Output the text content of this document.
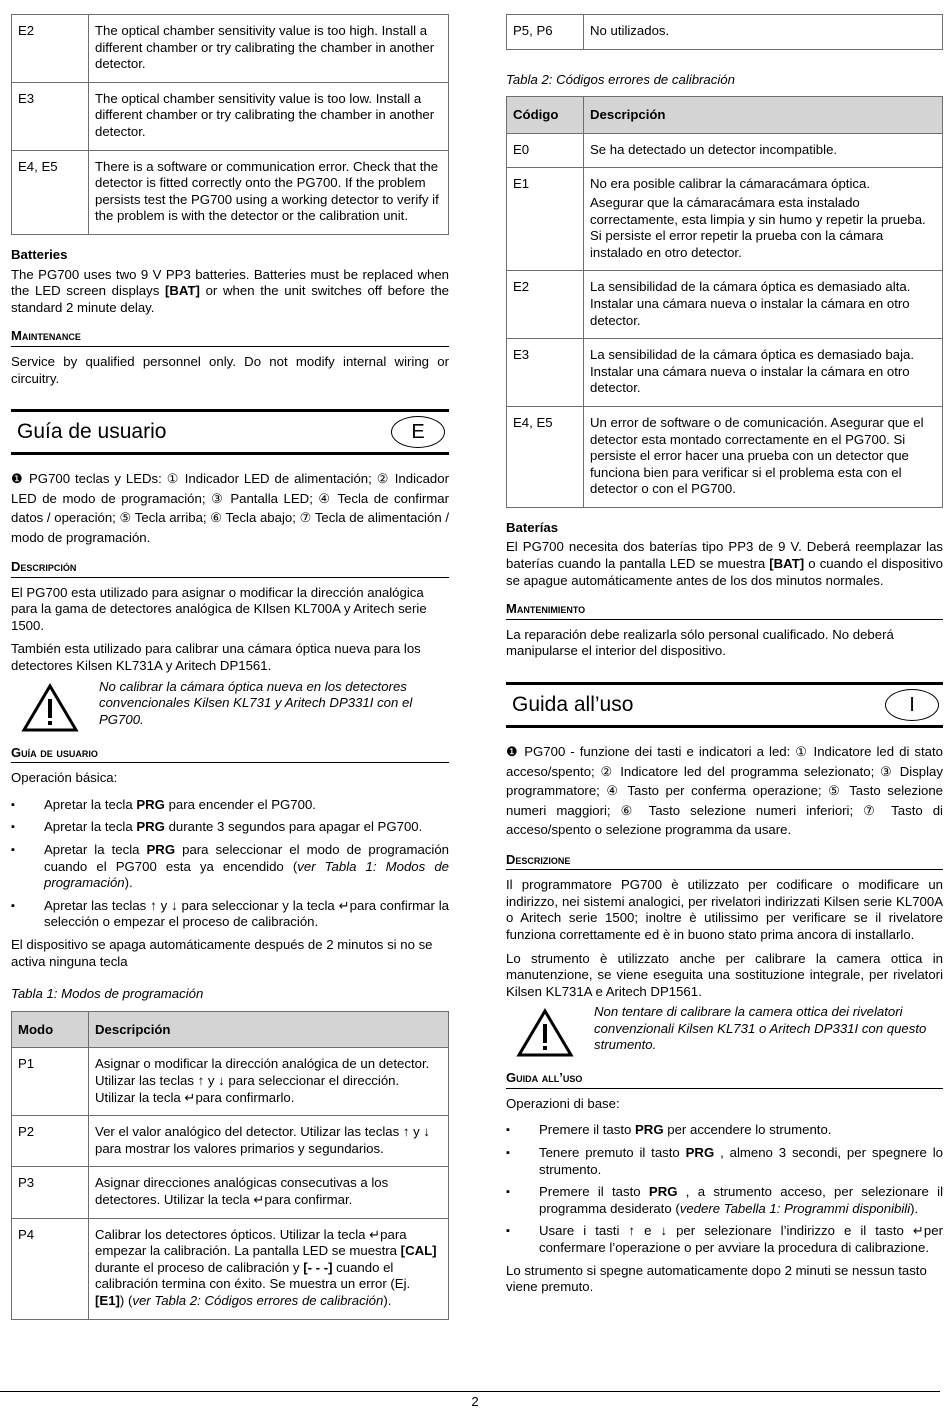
E2	The optical chamber sensitivity value is too high. Install a different chamber or try calibrating the chamber in another detector.
E3	The optical chamber sensitivity value is too low. Install a different chamber or try calibrating the chamber in another detector.
E4, E5	There is a software or communication error. Check that the detector is fitted correctly onto the PG700. If the problem persists test the PG700 using a working detector to verify if the problem is with the detector or the calibration unit.

Batteries

The PG700 uses two 9 V PP3 batteries. Batteries must be replaced when the LED screen displays [BAT] or when the unit switches off before the standard 2 minute delay.

Maintenance

Service by qualified personnel only. Do not modify internal wiring or circuitry.

Guía de usuario	E

❶ PG700 teclas y LEDs: ① Indicador LED de alimentación; ② Indicador LED de modo de programación; ③ Pantalla LED; ④ Tecla de confirmar datos / operación; ⑤ Tecla arriba; ⑥ Tecla abajo; ⑦ Tecla de alimentación / modo de programación.

Descripción

El PG700 esta utilizado para asignar o modificar la dirección analógica para la gama de detectores analógica de KIlsen KL700A y Aritech serie 1500.

También esta utilizado para calibrar una cámara óptica nueva para los detectores Kilsen KL731A y Aritech DP1561.

No calibrar la cámara óptica nueva en los detectores convencionales Kilsen KL731 y Aritech DP331I con el PG700.

Guía de usuario

Operación básica:

▪ Apretar la tecla PRG para encender el PG700.
▪ Apretar la tecla PRG durante 3 segundos para apagar el PG700.
▪ Apretar la tecla PRG para seleccionar el modo de programación cuando el PG700 esta ya encendido (ver Tabla 1: Modos de programación).
▪ Apretar las teclas ↑ y ↓ para seleccionar y la tecla ↵para confirmar la selección o empezar el proceso de calibración.

El dispositivo se apaga automáticamente después de 2 minutos si no se activa ninguna tecla

Tabla 1: Modos de programación

Modo	Descripción
P1	Asignar o modificar la dirección analógica de un detector. Utilizar las teclas ↑ y ↓ para seleccionar el dirección. Utilizar la tecla ↵para confirmarlo.
P2	Ver el valor analógico del detector. Utilizar las teclas ↑ y ↓ para mostrar los valores primarios y segundarios.
P3	Asignar direcciones analógicas consecutivas a los detectores. Utilizar la tecla ↵para confirmar.
P4	Calibrar los detectores ópticos. Utilizar la tecla ↵para empezar la calibración. La pantalla LED se muestra [CAL] durante el proceso de calibración y [- - -] cuando el calibración termina con éxito. Se muestra un error (Ej. [E1]) (ver Tabla 2: Códigos errores de calibración).
P5, P6	No utilizados.

Tabla 2: Códigos errores de calibración

Código	Descripción
E0	Se ha detectado un detector incompatible.
E1	No era posible calibrar la cámaracámara óptica.

Asegurar que la cámaracámara esta instalado correctamente, esta limpia y sin humo y repetir la prueba. Si persiste el error repetir la prueba con la cámara instalado en otro detector.

E2	La sensibilidad de la cámara óptica es demasiado alta. Instalar una cámara nueva o instalar la cámara en otro detector.
E3	La sensibilidad de la cámara óptica es demasiado baja. Instalar una cámara nueva o instalar la cámara en otro detector.
E4, E5	Un error de software o de comunicación. Asegurar que el detector esta montado correctamente en el PG700. Si persiste el error hacer una prueba con un detector que funciona bien para verificar si el problema esta con el detector o con el PG700.

Baterías

El PG700 necesita dos baterías tipo PP3 de 9 V. Deberá reemplazar las baterías cuando la pantalla LED se muestra [BAT] o cuando el dispositivo se apague automáticamente antes de los dos minutos normales.

Mantenimiento

La reparación debe realizarla sólo personal cualificado. No deberá manipularse el interior del dispositivo.

Guida all’uso	I

❶ PG700 - funzione dei tasti e indicatori a led: ① Indicatore led di stato acceso/spento; ② Indicatore led del programma selezionato; ③ Display programmatore; ④ Tasto per conferma operazione; ⑤ Tasto selezione numeri maggiori; ⑥ Tasto selezione numeri inferiori; ⑦ Tasto di acceso/spento o selezione programma da usare.

Descrizione

Il programmatore PG700 è utilizzato per codificare o modificare un indirizzo, nei sistemi analogici, per rivelatori indirizzati Kilsen serie KL700A o Aritech serie 1500; inoltre è utilissimo per verificare se il rivelatore funziona correttamente ed è in buono stato prima ancora di installarlo.

Lo strumento è utilizzato anche per calibrare la camera ottica in manutenzione, se viene eseguita una sostituzione integrale, per rivelatori Kilsen KL731A e Aritech DP1561.

Non tentare di calibrare la camera ottica dei rivelatori convenzionali Kilsen KL731 o Aritech DP331I con questo strumento.

Guida all’uso

Operazioni di base:

▪ Premere il tasto PRG per accendere lo strumento.
▪ Tenere premuto il tasto PRG , almeno 3 secondi, per spegnere lo strumento.
▪ Premere il tasto PRG , a strumento acceso, per selezionare il programma desiderato (vedere Tabella 1: Programmi disponibili).
▪ Usare i tasti ↑ e ↓ per selezionare l’indirizzo e il tasto ↵per confermare l’operazione o per avviare la procedura di calibrazione.

Lo strumento si spegne automaticamente dopo 2 minuti se nessun tasto viene premuto.

2
